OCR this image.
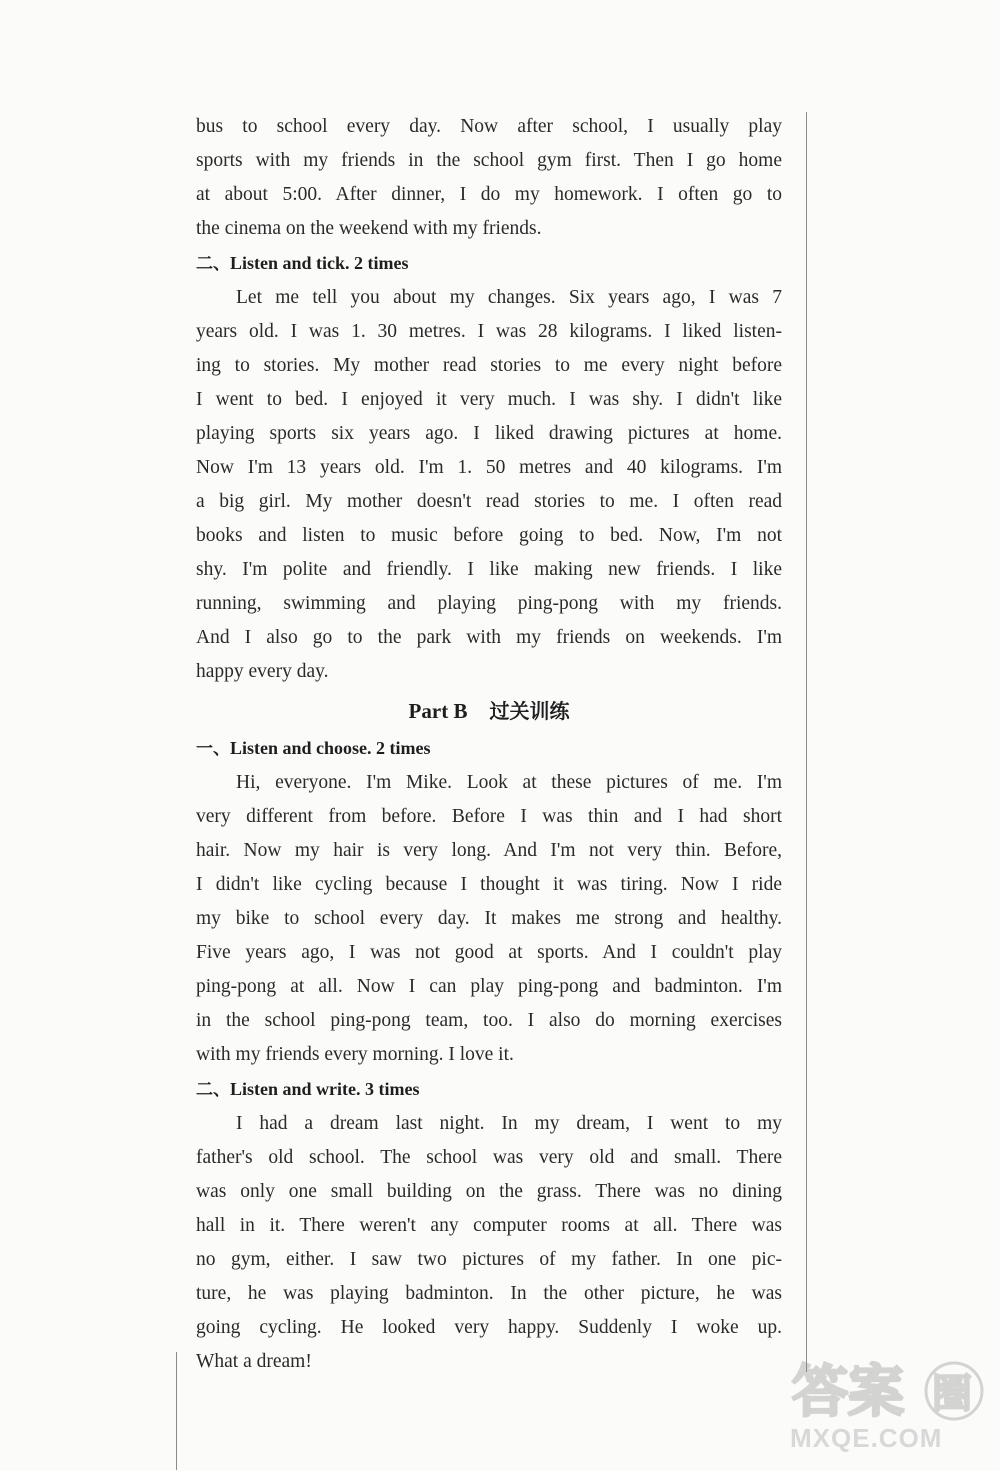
bus to school every day. Now after school, I usually play

sports with my friends in the school gym first. Then I go home

at about 5:00. After dinner, I do my homework. I often go to

the cinema on the weekend with my friends.

二、Listen and tick. 2 times

Let me tell you about my changes. Six years ago, I was 7

years old. I was 1. 30 metres. I was 28 kilograms. I liked listen-

ing to stories. My mother read stories to me every night before

I went to bed. I enjoyed it very much. I was shy. I didn't like

playing sports six years ago. I liked drawing pictures at home.

Now I'm 13 years old. I'm 1. 50 metres and 40 kilograms. I'm

a big girl. My mother doesn't read stories to me. I often read

books and listen to music before going to bed. Now, I'm not

shy. I'm polite and friendly. I like making new friends. I like

running, swimming and playing ping-pong with my friends.

And I also go to the park with my friends on weekends. I'm

happy every day.

Part B 过关训练
一、Listen and choose. 2 times

Hi, everyone. I'm Mike. Look at these pictures of me. I'm

very different from before. Before I was thin and I had short

hair. Now my hair is very long. And I'm not very thin. Before,

I didn't like cycling because I thought it was tiring. Now I ride

my bike to school every day. It makes me strong and healthy.

Five years ago, I was not good at sports. And I couldn't play

ping-pong at all. Now I can play ping-pong and badminton. I'm

in the school ping-pong team, too. I also do morning exercises

with my friends every morning. I love it.

二、Listen and write. 3 times

I had a dream last night. In my dream, I went to my

father's old school. The school was very old and small. There

was only one small building on the grass. There was no dining

hall in it. There weren't any computer rooms at all. There was

no gym, either. I saw two pictures of my father. In one pic-

ture, he was playing badminton. In the other picture, he was

going cycling. He looked very happy. Suddenly I woke up.

What a dream!	答案 圈
MXQE.COM
